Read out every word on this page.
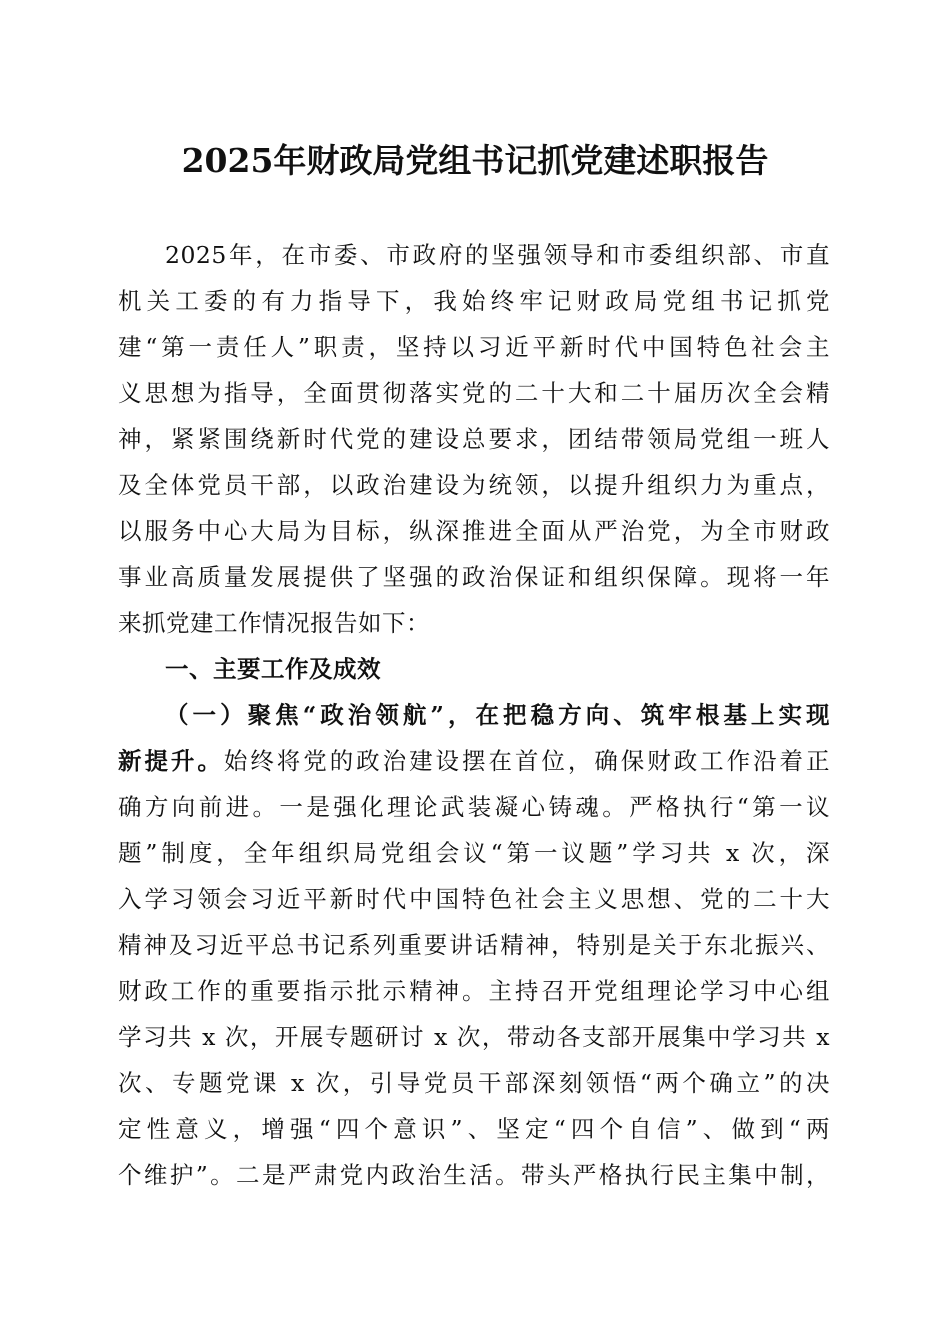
2025年财政局党组书记抓党建述职报告
2025年，在市委、市政府的坚强领导和市委组织部、市直
机关工委的有力指导下，我始终牢记财政局党组书记抓党
建“第一责任人”职责，坚持以习近平新时代中国特色社会主
义思想为指导，全面贯彻落实党的二十大和二十届历次全会精
神，紧紧围绕新时代党的建设总要求，团结带领局党组一班人
及全体党员干部，以政治建设为统领，以提升组织力为重点，
以服务中心大局为目标，纵深推进全面从严治党，为全市财政
事业高质量发展提供了坚强的政治保证和组织保障。现将一年
来抓党建工作情况报告如下：
一、主要工作及成效
（一）聚焦“政治领航”，在把稳方向、筑牢根基上实现
新提升。始终将党的政治建设摆在首位，确保财政工作沿着正
确方向前进。一是强化理论武装凝心铸魂。严格执行“第一议
题”制度，全年组织局党组会议“第一议题”学习共 x 次，深
入学习领会习近平新时代中国特色社会主义思想、党的二十大
精神及习近平总书记系列重要讲话精神，特别是关于东北振兴、
财政工作的重要指示批示精神。主持召开党组理论学习中心组
学习共 x 次，开展专题研讨 x 次，带动各支部开展集中学习共 x
次、专题党课 x 次，引导党员干部深刻领悟“两个确立”的决
定性意义，增强“四个意识”、坚定“四个自信”、做到“两
个维护”。二是严肃党内政治生活。带头严格执行民主集中制，
